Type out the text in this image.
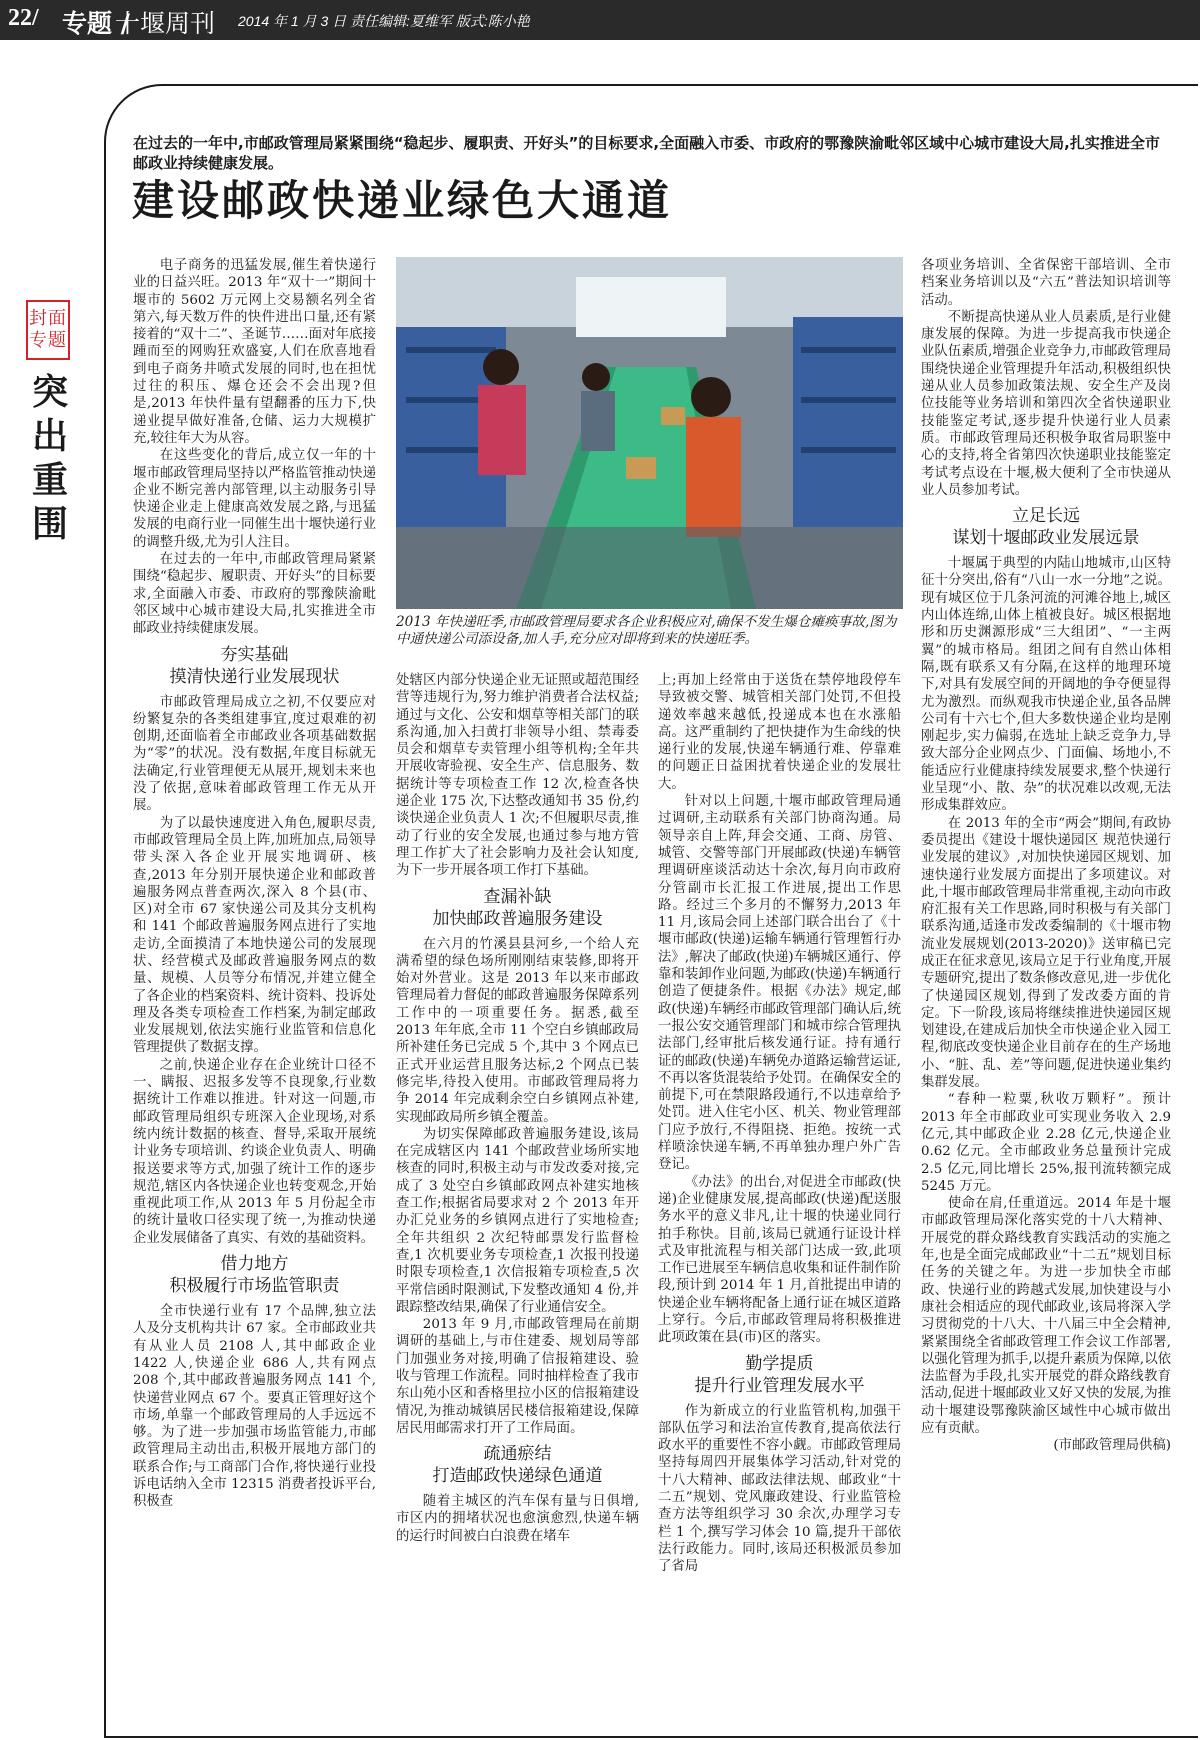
22/ 专题 /
十堰周刊 2014 年 1 月 3 日 责任编辑:夏维军 版式:陈小艳
封面专题
突出重围

在过去的一年中,市邮政管理局紧紧围绕“稳起步、履职责、开好头”的目标要求,全面融入市委、市政府的鄂豫陕渝毗邻区域中心城市建设大局,扎实推进全市邮政业持续健康发展。

建设邮政快递业绿色大通道

电子商务的迅猛发展,催生着快递行业的日益兴旺。2013 年“双十一”期间十堰市的 5602 万元网上交易额名列全省第六,每天数万件的快件进出口量,还有紧接着的“双十二”、圣诞节……面对年底接踵而至的网购狂欢盛宴,人们在欣喜地看到电子商务井喷式发展的同时,也在担忧过往的积压、爆仓还会不会出现?但是,2013 年快件量有望翻番的压力下,快递业提早做好准备,仓储、运力大规模扩充,较往年大为从容。

在这些变化的背后,成立仅一年的十堰市邮政管理局坚持以严格监管推动快递企业不断完善内部管理,以主动服务引导快递企业走上健康高效发展之路,与迅猛发展的电商行业一同催生出十堰快递行业的调整升级,尤为引人注目。

在过去的一年中,市邮政管理局紧紧围绕“稳起步、履职责、开好头”的目标要求,全面融入市委、市政府的鄂豫陕渝毗邻区域中心城市建设大局,扎实推进全市邮政业持续健康发展。

夯实基础
摸清快递行业发展现状

市邮政管理局成立之初,不仅要应对纷繁复杂的各类组建事宜,度过艰难的初创期,还面临着全市邮政业各项基础数据为“零”的状况。没有数据,年度目标就无法确定,行业管理便无从展开,规划未来也没了依据,意味着邮政管理工作无从开展。

为了以最快速度进入角色,履职尽责,市邮政管理局全员上阵,加班加点,局领导带头深入各企业开展实地调研、核查,2013 年分别开展快递企业和邮政普遍服务网点普查两次,深入 8 个县(市、区)对全市 67 家快递公司及其分支机构和 141 个邮政普遍服务网点进行了实地走访,全面摸清了本地快递公司的发展现状、经营模式及邮政普遍服务网点的数量、规模、人员等分布情况,并建立健全了各企业的档案资料、统计资料、投诉处理及各类专项检查工作档案,为制定邮政业发展规划,依法实施行业监管和信息化管理提供了数据支撑。

之前,快递企业存在企业统计口径不一、瞒报、迟报多发等不良现象,行业数据统计工作难以推进。针对这一问题,市邮政管理局组织专班深入企业现场,对系统内统计数据的核查、督导,采取开展统计业务专项培训、约谈企业负责人、明确报送要求等方式,加强了统计工作的逐步规范,辖区内各快递企业也转变观念,开始重视此项工作,从 2013 年 5 月份起全市的统计量收口径实现了统一,为推动快递企业发展储备了真实、有效的基础资料。

借力地方
积极履行市场监管职责

全市快递行业有 17 个品牌,独立法人及分支机构共计 67 家。全市邮政业共有从业人员 2108 人,其中邮政企业 1422 人,快递企业 686 人,共有网点 208 个,其中邮政普遍服务网点 141 个,快递营业网点 67 个。要真正管理好这个市场,单靠一个邮政管理局的人手远远不够。为了进一步加强市场监管能力,市邮政管理局主动出击,积极开展地方部门的联系合作;与工商部门合作,将快递行业投诉电话纳入全市 12315 消费者投诉平台,积极查

2013 年快递旺季,市邮政管理局要求各企业积极应对,确保不发生爆仓瘫痪事故,图为中通快递公司添设备,加人手,充分应对即将到来的快递旺季。

处辖区内部分快递企业无证照或超范围经营等违规行为,努力维护消费者合法权益;通过与文化、公安和烟草等相关部门的联系沟通,加入扫黄打非领导小组、禁毒委员会和烟草专卖管理小组等机构;全年共开展收寄验视、安全生产、信息服务、数据统计等专项检查工作 12 次,检查各快递企业 175 次,下达整改通知书 35 份,约谈快递企业负责人 1 次;不但履职尽责,推动了行业的安全发展,也通过参与地方管理工作扩大了社会影响力及社会认知度,为下一步开展各项工作打下基础。

查漏补缺
加快邮政普遍服务建设

在六月的竹溪县县河乡,一个给人充满希望的绿色场所刚刚结束装修,即将开始对外营业。这是 2013 年以来市邮政管理局着力督促的邮政普遍服务保障系列工作中的一项重要任务。据悉,截至 2013 年年底,全市 11 个空白乡镇邮政局所补建任务已完成 5 个,其中 3 个网点已正式开业运营且服务达标,2 个网点已装修完毕,待投入使用。市邮政管理局将力争 2014 年完成剩余空白乡镇网点补建,实现邮政局所乡镇全覆盖。

为切实保障邮政普遍服务建设,该局在完成辖区内 141 个邮政营业场所实地核查的同时,积极主动与市发改委对接,完成了 3 处空白乡镇邮政网点补建实地核查工作;根据省局要求对 2 个 2013 年开办汇兑业务的乡镇网点进行了实地检查;全年共组织 2 次纪特邮票发行监督检查,1 次机要业务专项检查,1 次报刊投递时限专项检查,1 次信报箱专项检查,5 次平常信函时限测试,下发整改通知 4 份,并跟踪整改结果,确保了行业通信安全。

2013 年 9 月,市邮政管理局在前期调研的基础上,与市住建委、规划局等部门加强业务对接,明确了信报箱建设、验收与管理工作流程。同时抽样检查了我市东山苑小区和香格里拉小区的信报箱建设情况,为推动城镇居民楼信报箱建设,保障居民用邮需求打开了工作局面。

疏通瘀结
打造邮政快递绿色通道

随着主城区的汽车保有量与日俱增,市区内的拥堵状况也愈演愈烈,快递车辆的运行时间被白白浪费在堵车

上;再加上经常由于送货在禁停地段停车导致被交警、城管相关部门处罚,不但投递效率越来越低,投递成本也在水涨船高。这严重制约了把快捷作为生命线的快递行业的发展,快递车辆通行难、停靠难的问题正日益困扰着快递企业的发展壮大。

针对以上问题,十堰市邮政管理局通过调研,主动联系有关部门协商沟通。局领导亲自上阵,拜会交通、工商、房管、城管、交警等部门开展邮政(快递)车辆管理调研座谈活动达十余次,每月向市政府分管副市长汇报工作进展,提出工作思路。经过三个多月的不懈努力,2013 年 11 月,该局会同上述部门联合出台了《十堰市邮政(快递)运输车辆通行管理暂行办法》,解决了邮政(快递)车辆城区通行、停靠和装卸作业问题,为邮政(快递)车辆通行创造了便捷条件。根据《办法》规定,邮政(快递)车辆经市邮政管理部门确认后,统一报公安交通管理部门和城市综合管理执法部门,经审批后核发通行证。持有通行证的邮政(快递)车辆免办道路运输营运证,不再以客货混装给予处罚。在确保安全的前提下,可在禁限路段通行,不以违章给予处罚。进入住宅小区、机关、物业管理部门应予放行,不得阻挠、拒绝。按统一式样喷涂快递车辆,不再单独办理户外广告登记。

《办法》的出台,对促进全市邮政(快递)企业健康发展,提高邮政(快递)配送服务水平的意义非凡,让十堰的快递业同行拍手称快。目前,该局已就通行证设计样式及审批流程与相关部门达成一致,此项工作已进展至车辆信息收集和证件制作阶段,预计到 2014 年 1 月,首批提出申请的快递企业车辆将配备上通行证在城区道路上穿行。今后,市邮政管理局将积极推进此项政策在县(市)区的落实。

勤学提质
提升行业管理发展水平

作为新成立的行业监管机构,加强干部队伍学习和法治宣传教育,提高依法行政水平的重要性不容小觑。市邮政管理局坚持每周四开展集体学习活动,针对党的十八大精神、邮政法律法规、邮政业“十二五”规划、党风廉政建设、行业监管检查方法等组织学习 30 余次,办理学习专栏 1 个,撰写学习体会 10 篇,提升干部依法行政能力。同时,该局还积极派员参加了省局

各项业务培训、全省保密干部培训、全市档案业务培训以及“六五”普法知识培训等活动。

不断提高快递从业人员素质,是行业健康发展的保障。为进一步提高我市快递企业队伍素质,增强企业竞争力,市邮政管理局围绕快递企业管理提升年活动,积极组织快递从业人员参加政策法规、安全生产及岗位技能等业务培训和第四次全省快递职业技能鉴定考试,逐步提升快递行业人员素质。市邮政管理局还积极争取省局职鉴中心的支持,将全省第四次快递职业技能鉴定考试考点设在十堰,极大便利了全市快递从业人员参加考试。

立足长远
谋划十堰邮政业发展远景

十堰属于典型的内陆山地城市,山区特征十分突出,俗有“八山一水一分地”之说。现有城区位于几条河流的河滩谷地上,城区内山体连绵,山体上植被良好。城区根据地形和历史渊源形成“三大组团”、“一主两翼”的城市格局。组团之间有自然山体相隔,既有联系又有分隔,在这样的地理环境下,对具有发展空间的开阔地的争夺便显得尤为激烈。而纵观我市快递企业,虽各品牌公司有十六七个,但大多数快递企业均是刚刚起步,实力偏弱,在选址上缺乏竞争力,导致大部分企业网点少、门面偏、场地小,不能适应行业健康持续发展要求,整个快递行业呈现“小、散、杂”的状况难以改观,无法形成集群效应。

在 2013 年的全市“两会”期间,有政协委员提出《建设十堰快递园区 规范快递行业发展的建议》,对加快快递园区规划、加速快递行业发展方面提出了多项建议。对此,十堰市邮政管理局非常重视,主动向市政府汇报有关工作思路,同时积极与有关部门联系沟通,适逢市发改委编制的《十堰市物流业发展规划(2013-2020)》送审稿已完成正在征求意见,该局立足于行业角度,开展专题研究,提出了数条修改意见,进一步优化了快递园区规划,得到了发改委方面的肯定。下一阶段,该局将继续推进快递园区规划建设,在建成后加快全市快递企业入园工程,彻底改变快递企业目前存在的生产场地小、“脏、乱、差”等问题,促进快递业集约集群发展。

“春种一粒粟,秋收万颗籽”。预计 2013 年全市邮政业可实现业务收入 2.9 亿元,其中邮政企业 2.28 亿元,快递企业 0.62 亿元。全市邮政业务总量预计完成 2.5 亿元,同比增长 25%,报刊流转额完成 5245 万元。

使命在肩,任重道远。2014 年是十堰市邮政管理局深化落实党的十八大精神、开展党的群众路线教育实践活动的实施之年,也是全面完成邮政业“十二五”规划目标任务的关键之年。为进一步加快全市邮政、快递行业的跨越式发展,加快建设与小康社会相适应的现代邮政业,该局将深入学习贯彻党的十八大、十八届三中全会精神,紧紧围绕全省邮政管理工作会议工作部署,以强化管理为抓手,以提升素质为保障,以依法监督为手段,扎实开展党的群众路线教育活动,促进十堰邮政业又好又快的发展,为推动十堰建设鄂豫陕渝区域性中心城市做出应有贡献。

(市邮政管理局供稿)
